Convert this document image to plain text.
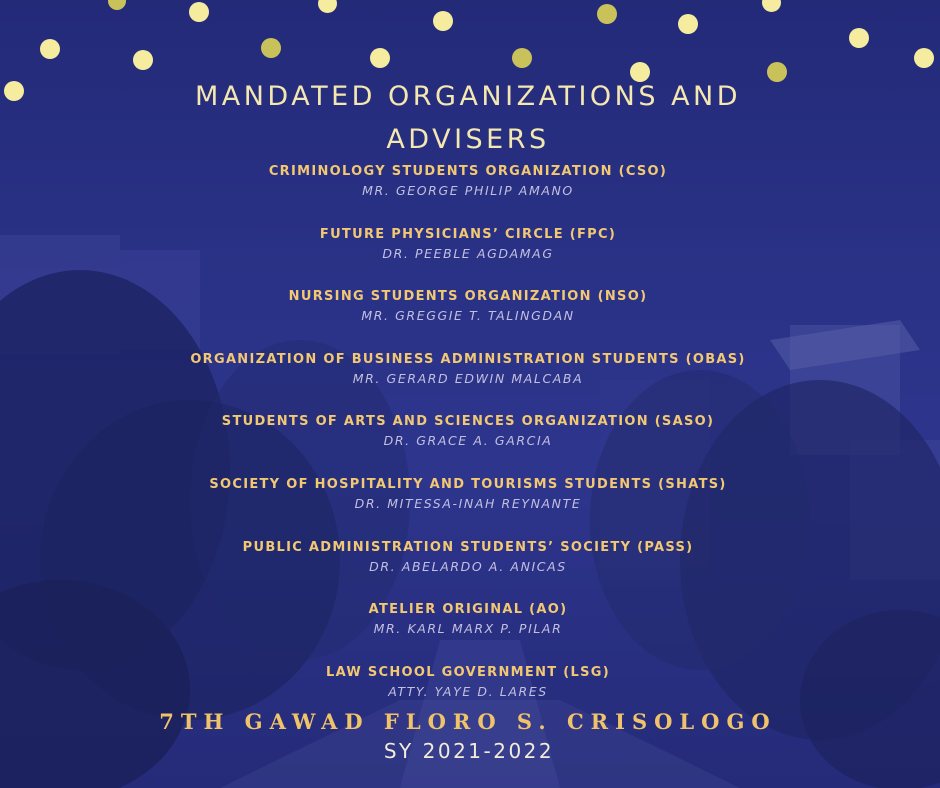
MANDATED ORGANIZATIONS AND
ADVISERS
CRIMINOLOGY STUDENTS ORGANIZATION (CSO)
MR. GEORGE PHILIP AMANO
FUTURE PHYSICIANS’ CIRCLE (FPC)
DR. PEEBLE AGDAMAG
NURSING STUDENTS ORGANIZATION (NSO)
MR. GREGGIE T. TALINGDAN
ORGANIZATION OF BUSINESS ADMINISTRATION STUDENTS (OBAS)
MR. GERARD EDWIN MALCABA
STUDENTS OF ARTS AND SCIENCES ORGANIZATION (SASO)
DR. GRACE A. GARCIA
SOCIETY OF HOSPITALITY AND TOURISMS STUDENTS (SHATS)
DR. MITESSA-INAH REYNANTE
PUBLIC ADMINISTRATION STUDENTS’ SOCIETY (PASS)
DR. ABELARDO A. ANICAS
ATELIER ORIGINAL (AO)
MR. KARL MARX P. PILAR
LAW SCHOOL GOVERNMENT (LSG)
ATTY. YAYE D. LARES
7TH GAWAD FLORO S. CRISOLOGO
SY 2021-2022
